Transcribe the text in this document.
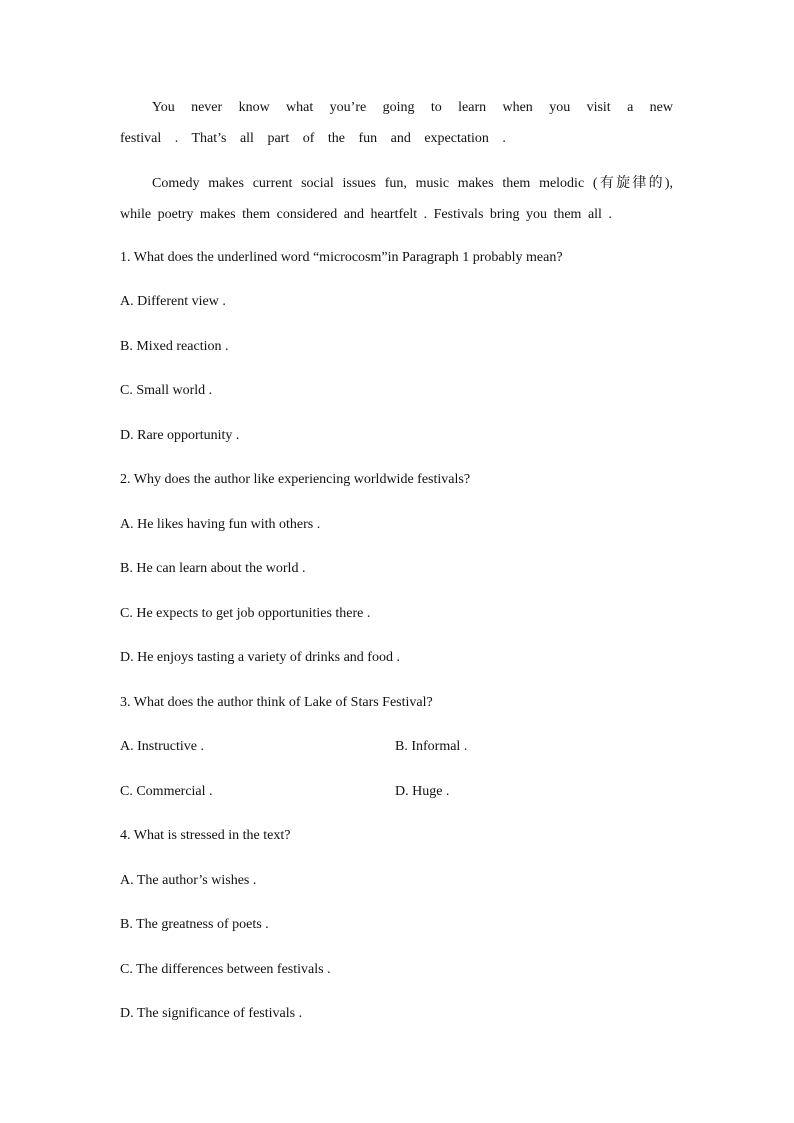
You never know what you’re going to learn when you visit a new festival . That’s all part of the fun and expectation .
Comedy makes current social issues fun, music makes them melodic (有旋律的), while poetry makes them considered and heartfelt . Festivals bring you them all .
1. What does the underlined word “microcosm”in Paragraph 1 probably mean?
A. Different view .
B. Mixed reaction .
C. Small world .
D. Rare opportunity .
2. Why does the author like experiencing worldwide festivals?
A. He likes having fun with others .
B. He can learn about the world .
C. He expects to get job opportunities there .
D. He enjoys tasting a variety of drinks and food .
3. What does the author think of Lake of Stars Festival?
A. Instructive .	B. Informal .
C. Commercial .	D. Huge .
4. What is stressed in the text?
A. The author’s wishes .
B. The greatness of poets .
C. The differences between festivals .
D. The significance of festivals .
